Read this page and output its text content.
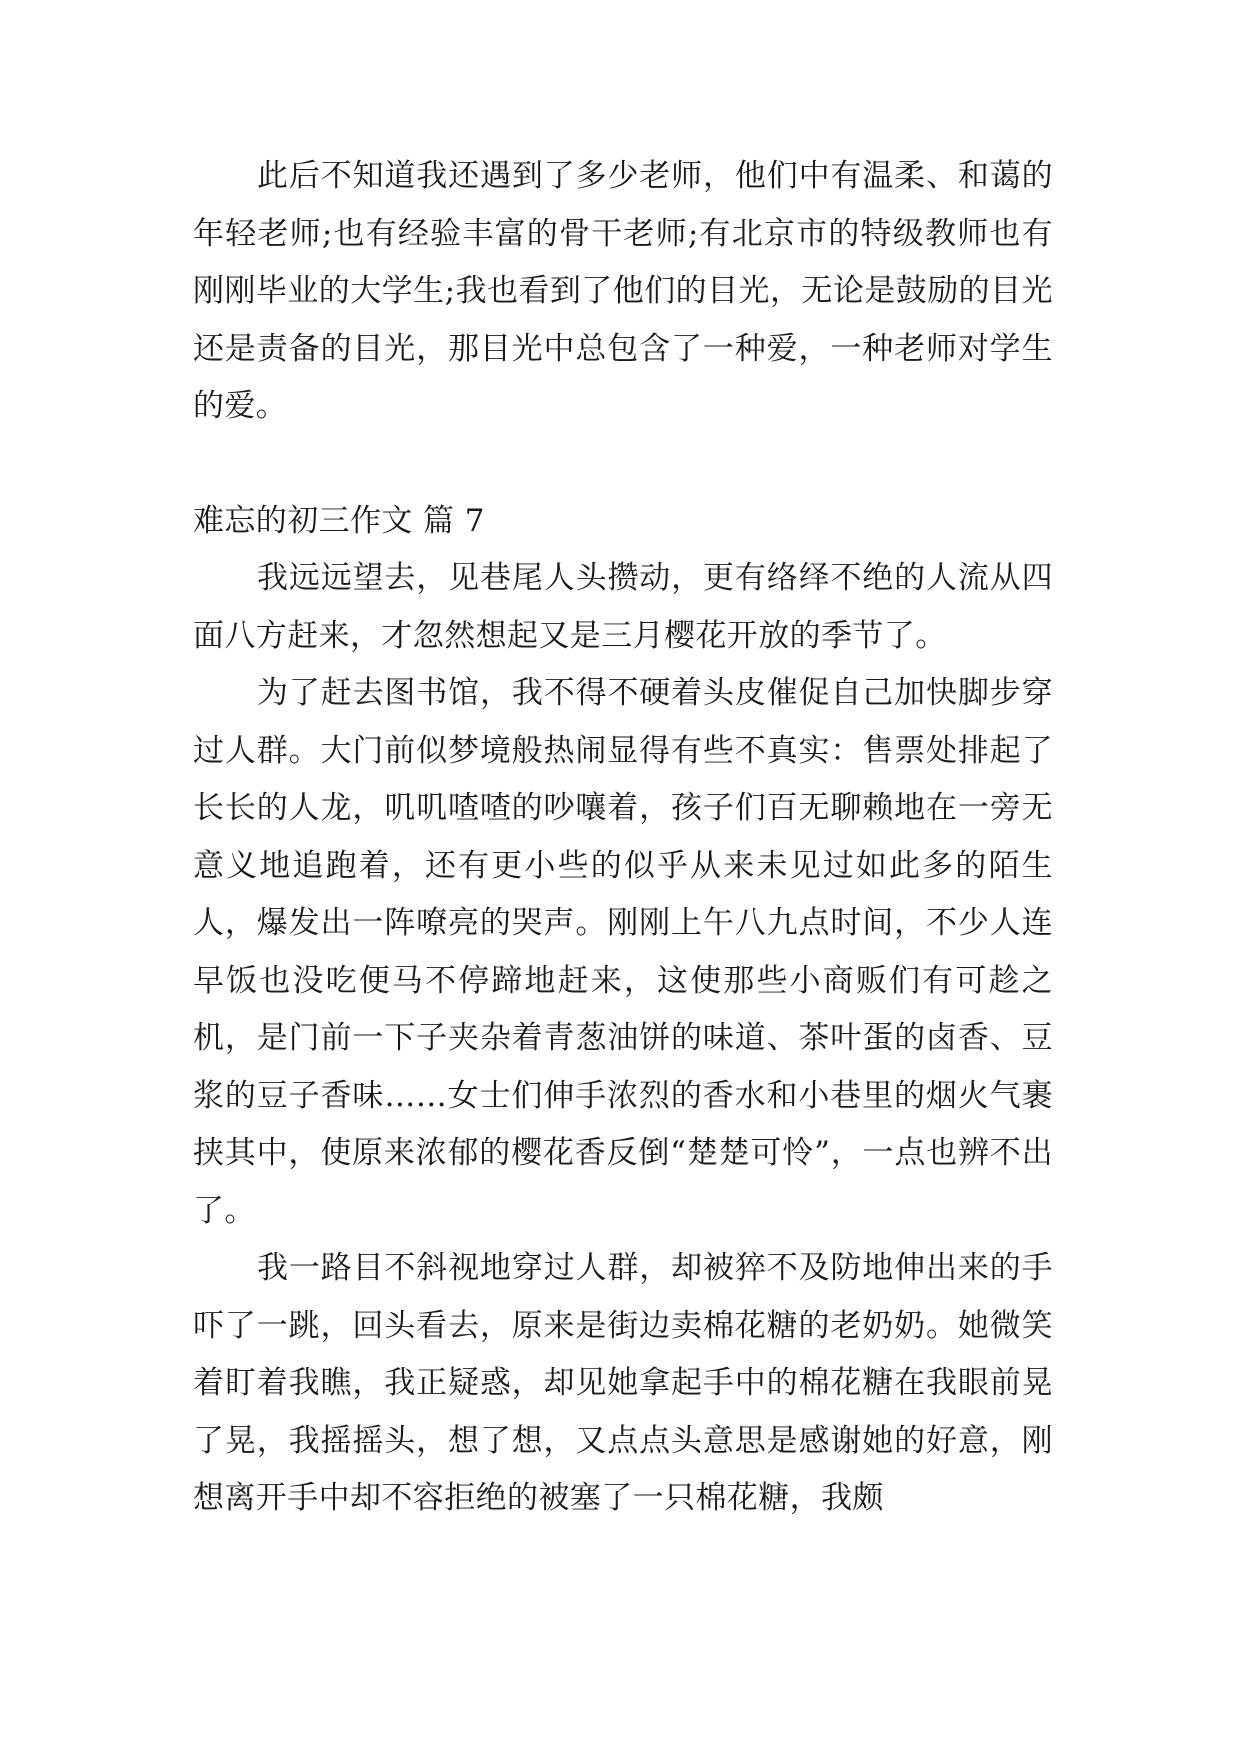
此后不知道我还遇到了多少老师，他们中有温柔、和蔼的年轻老师;也有经验丰富的骨干老师;有北京市的特级教师也有刚刚毕业的大学生;我也看到了他们的目光，无论是鼓励的目光还是责备的目光，那目光中总包含了一种爱，一种老师对学生的爱。

难忘的初三作文 篇 7

我远远望去，见巷尾人头攒动，更有络绎不绝的人流从四面八方赶来，才忽然想起又是三月樱花开放的季节了。

为了赶去图书馆，我不得不硬着头皮催促自己加快脚步穿过人群。大门前似梦境般热闹显得有些不真实：售票处排起了长长的人龙，叽叽喳喳的吵嚷着，孩子们百无聊赖地在一旁无意义地追跑着，还有更小些的似乎从来未见过如此多的陌生人，爆发出一阵嘹亮的哭声。刚刚上午八九点时间，不少人连早饭也没吃便马不停蹄地赶来，这使那些小商贩们有可趁之机，是门前一下子夹杂着青葱油饼的味道、茶叶蛋的卤香、豆浆的豆子香味……女士们伸手浓烈的香水和小巷里的烟火气裹挟其中，使原来浓郁的樱花香反倒“楚楚可怜”，一点也辨不出了。

我一路目不斜视地穿过人群，却被猝不及防地伸出来的手吓了一跳，回头看去，原来是街边卖棉花糖的老奶奶。她微笑着盯着我瞧，我正疑惑，却见她拿起手中的棉花糖在我眼前晃了晃，我摇摇头，想了想，又点点头意思是感谢她的好意，刚想离开手中却不容拒绝的被塞了一只棉花糖，我颇
